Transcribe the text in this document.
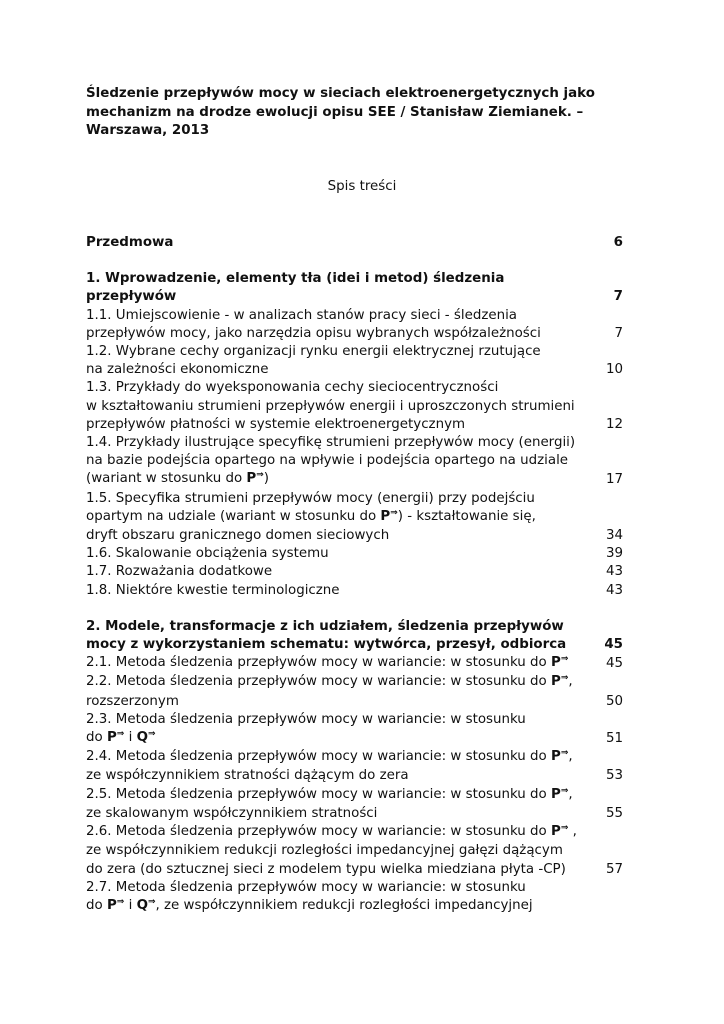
Śledzenie przepływów mocy w sieciach elektroenergetycznych jako
mechanizm na drodze ewolucji opisu SEE / Stanisław Ziemianek. –
Warszawa, 2013

Spis treści
Przedmowa	6
1. Wprowadzenie, elementy tła (idei i metod) śledzenia
przepływów	7
1.1. Umiejscowienie - w analizach stanów pracy sieci - śledzenia
przepływów mocy, jako narzędzia opisu wybranych współzależności	7
1.2. Wybrane cechy organizacji rynku energii elektrycznej rzutujące
na zależności ekonomiczne	10
1.3. Przykłady do wyeksponowania cechy sieciocentryczności
w kształtowaniu strumieni przepływów energii i uproszczonych strumieni
przepływów płatności w systemie elektroenergetycznym	12
1.4. Przykłady ilustrujące specyfikę strumieni przepływów mocy (energii)
na bazie podejścia opartego na wpływie i podejścia opartego na udziale
(wariant w stosunku do P⇒)	17
1.5. Specyfika strumieni przepływów mocy (energii) przy podejściu
opartym na udziale (wariant w stosunku do P⇒) - kształtowanie się,
dryft obszaru granicznego domen sieciowych	34
1.6. Skalowanie obciążenia systemu	39
1.7. Rozważania dodatkowe	43
1.8. Niektóre kwestie terminologiczne	43
2. Modele, transformacje z ich udziałem, śledzenia przepływów
mocy z wykorzystaniem schematu: wytwórca, przesył, odbiorca	45
2.1. Metoda śledzenia przepływów mocy w wariancie: w stosunku do P⇒	45
2.2. Metoda śledzenia przepływów mocy w wariancie: w stosunku do P⇒,
rozszerzonym	50
2.3. Metoda śledzenia przepływów mocy w wariancie: w stosunku
do P⇒ i Q⇒	51
2.4. Metoda śledzenia przepływów mocy w wariancie: w stosunku do P⇒,
ze współczynnikiem stratności dążącym do zera	53
2.5. Metoda śledzenia przepływów mocy w wariancie: w stosunku do P⇒,
ze skalowanym współczynnikiem stratności	55
2.6. Metoda śledzenia przepływów mocy w wariancie: w stosunku do P⇒ ,
ze współczynnikiem redukcji rozległości impedancyjnej gałęzi dążącym
do zera (do sztucznej sieci z modelem typu wielka miedziana płyta -CP)	57
2.7. Metoda śledzenia przepływów mocy w wariancie: w stosunku
do P⇒ i Q⇒, ze współczynnikiem redukcji rozległości impedancyjnej
